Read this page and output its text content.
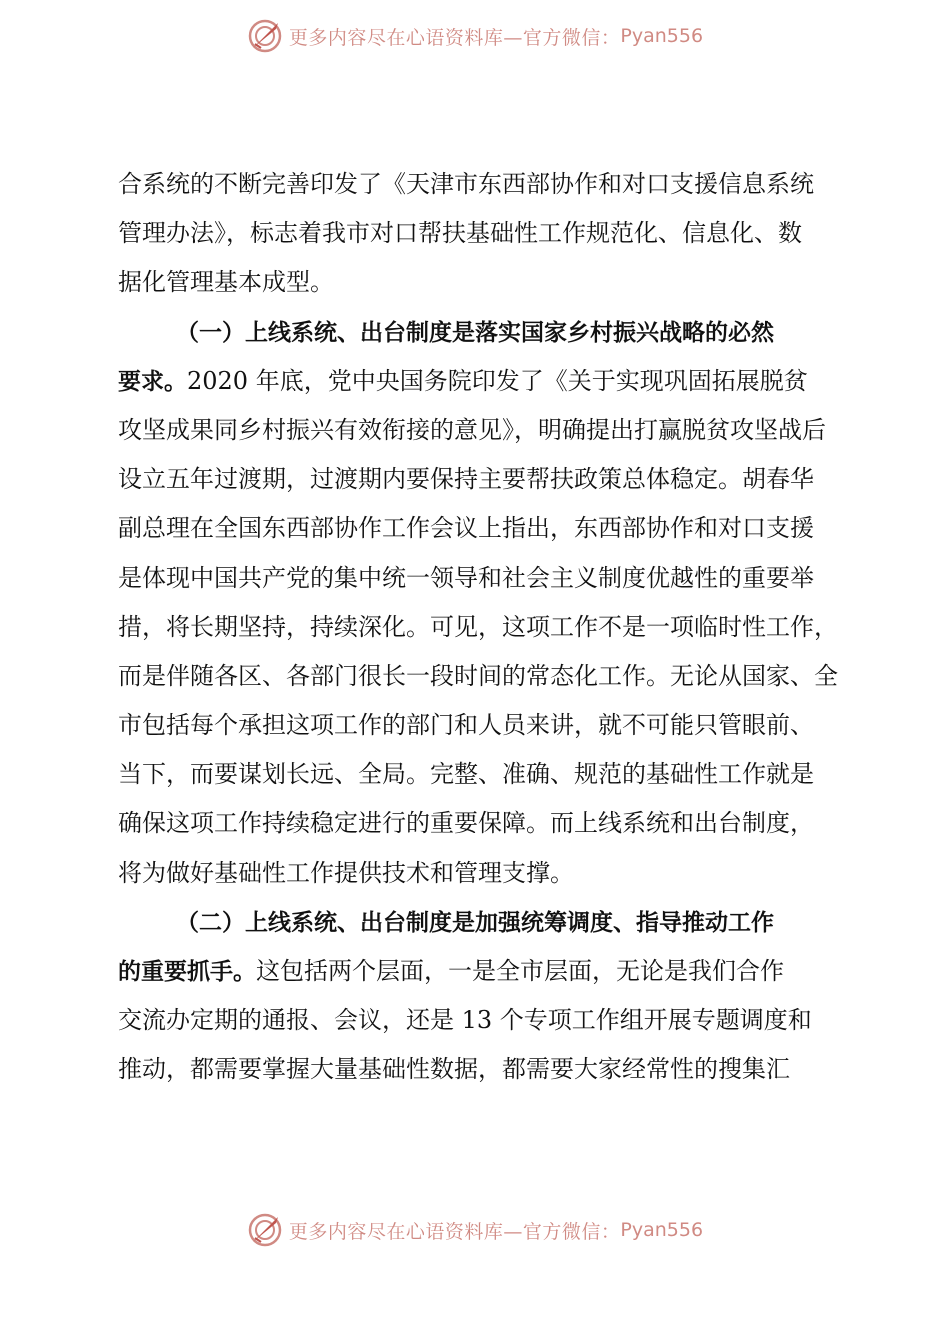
更多内容尽在心语资料库—官方微信： Pyan556
合系统的不断完善印发了《天津市东西部协作和对口支援信息系统
管理办法》，标志着我市对口帮扶基础性工作规范化、信息化、数
据化管理基本成型。
（一）上线系统、出台制度是落实国家乡村振兴战略的必然
要求。2020 年底，党中央国务院印发了《关于实现巩固拓展脱贫
攻坚成果同乡村振兴有效衔接的意见》，明确提出打赢脱贫攻坚战后
设立五年过渡期，过渡期内要保持主要帮扶政策总体稳定。胡春华
副总理在全国东西部协作工作会议上指出，东西部协作和对口支援
是体现中国共产党的集中统一领导和社会主义制度优越性的重要举
措，将长期坚持，持续深化。可见，这项工作不是一项临时性工作，
而是伴随各区、各部门很长一段时间的常态化工作。无论从国家、全
市包括每个承担这项工作的部门和人员来讲，就不可能只管眼前、
当下，而要谋划长远、全局。完整、准确、规范的基础性工作就是
确保这项工作持续稳定进行的重要保障。而上线系统和出台制度，
将为做好基础性工作提供技术和管理支撑。
（二）上线系统、出台制度是加强统筹调度、指导推动工作
的重要抓手。这包括两个层面，一是全市层面，无论是我们合作
交流办定期的通报、会议，还是 13 个专项工作组开展专题调度和
推动，都需要掌握大量基础性数据，都需要大家经常性的搜集汇
更多内容尽在心语资料库—官方微信： Pyan556
